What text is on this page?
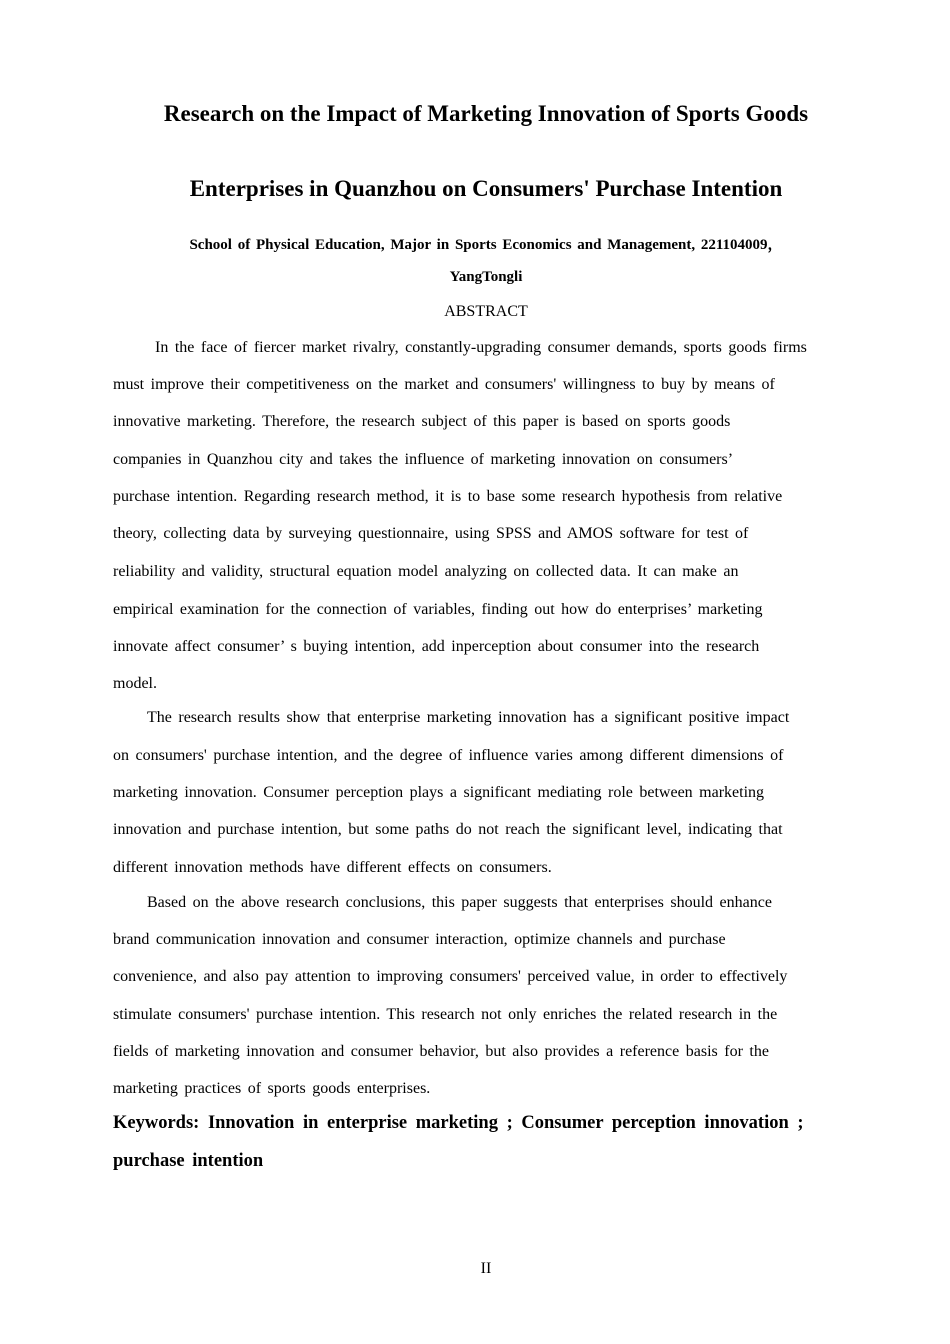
Research on the Impact of Marketing Innovation of Sports Goods
Enterprises in Quanzhou on Consumers' Purchase Intention
School of Physical Education, Major in Sports Economics and Management, 221104009，
YangTongli
ABSTRACT
In the face of fiercer market rivalry, constantly-upgrading consumer demands, sports goods firms
must improve their competitiveness on the market and consumers' willingness to buy by means of
innovative marketing. Therefore, the research subject of this paper is based on sports goods
companies in Quanzhou city and takes the influence of marketing innovation on consumers’
purchase intention. Regarding research method, it is to base some research hypothesis from relative
theory, collecting data by surveying questionnaire, using SPSS and AMOS software for test of
reliability and validity, structural equation model analyzing on collected data. It can make an
empirical examination for the connection of variables, finding out how do enterprises’ marketing
innovate affect consumer’ s buying intention, add inperception about consumer into the research
model.
The research results show that enterprise marketing innovation has a significant positive impact
on consumers' purchase intention, and the degree of influence varies among different dimensions of
marketing innovation. Consumer perception plays a significant mediating role between marketing
innovation and purchase intention, but some paths do not reach the significant level, indicating that
different innovation methods have different effects on consumers.
Based on the above research conclusions, this paper suggests that enterprises should enhance
brand communication innovation and consumer interaction, optimize channels and purchase
convenience, and also pay attention to improving consumers' perceived value, in order to effectively
stimulate consumers' purchase intention. This research not only enriches the related research in the
fields of marketing innovation and consumer behavior, but also provides a reference basis for the
marketing practices of sports goods enterprises.
Keywords: Innovation in enterprise marketing ; Consumer perception innovation ;
purchase intention
II
